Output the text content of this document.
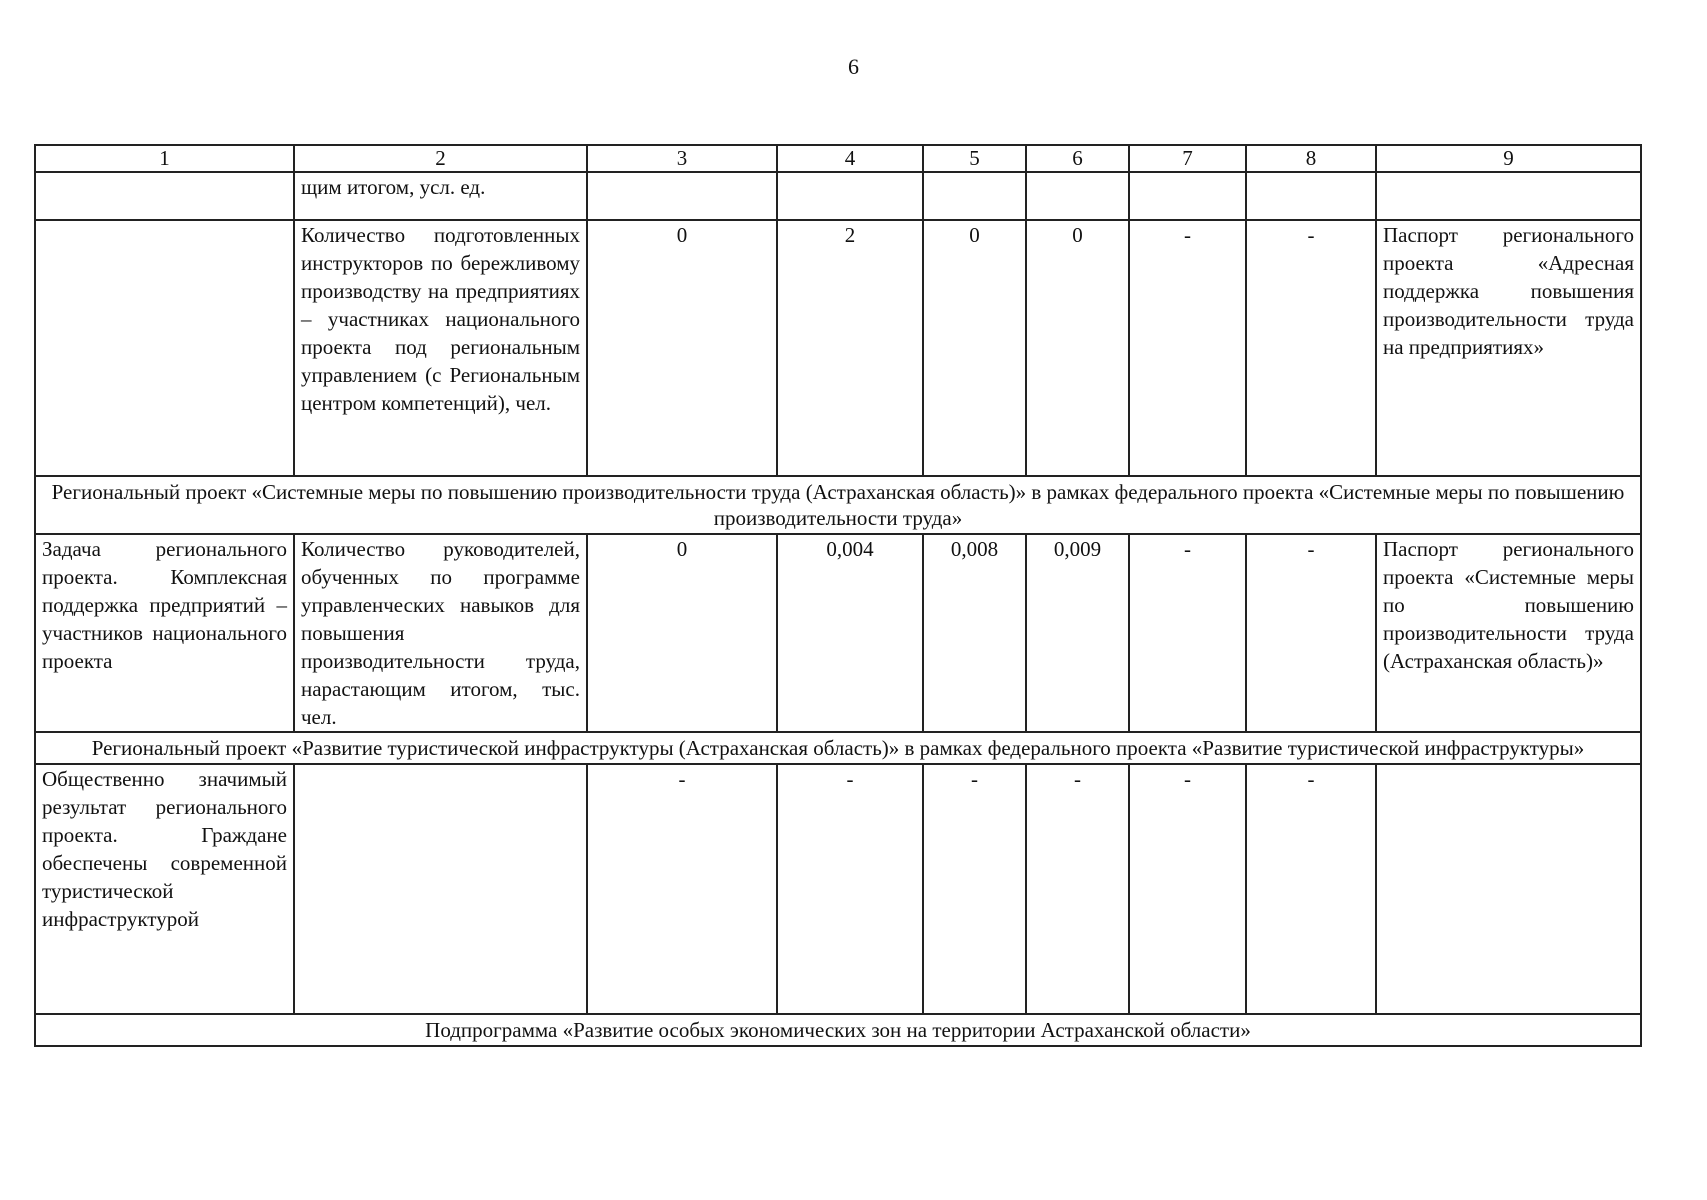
6
1	2	3	4	5	6	7	8	9
	щим итогом, усл. ед.							
	Количество подготовленных инструкторов по бережливому производству на предприятиях – участниках национального проекта под региональным управлением (с Региональным центром компетенций), чел.	0	2	0	0	-	-	Паспорт регионального проекта «Адресная поддержка повышения производительности труда на предприятиях»
Региональный проект «Системные меры по повышению производительности труда (Астраханская область)» в рамках федерального проекта «Системные меры по повышению производительности труда»								
Задача регионального проекта. Комплексная поддержка предприятий – участников национального проекта	Количество руководителей, обученных по программе управленческих навыков для повышения производительности труда, нарастающим итогом, тыс. чел.	0	0,004	0,008	0,009	-	-	Паспорт регионального проекта «Системные меры по повышению производительности труда (Астраханская область)»
Региональный проект «Развитие туристической инфраструктуры (Астраханская область)» в рамках федерального проекта «Развитие туристической инфраструктуры»								
Общественно значимый результат регионального проекта. Граждане обеспечены современной туристической инфраструктурой		-	-	-	-	-	-	
Подпрограмма «Развитие особых экономических зон на территории Астраханской области»								
